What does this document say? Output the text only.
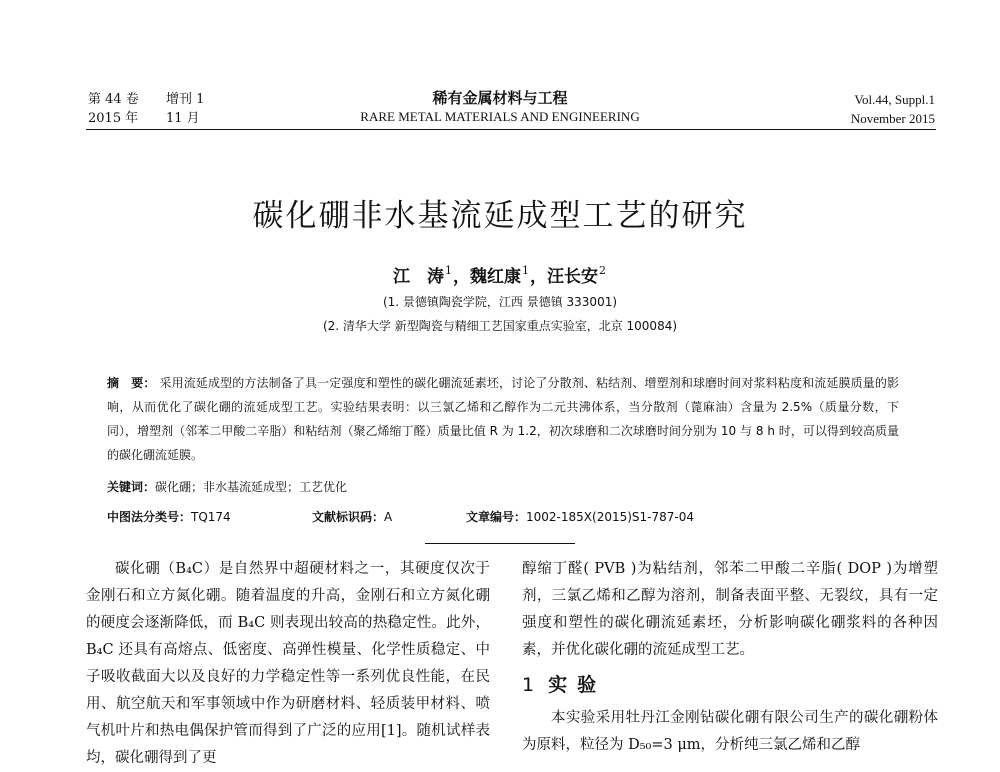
第 44 卷
2015 年
增刊 1
11 月
稀有金属材料与工程
RARE METAL MATERIALS AND ENGINEERING
Vol.44, Suppl.1
November 2015
碳化硼非水基流延成型工艺的研究
江　涛$^1$，魏红康$^1$，汪长安$^2$
(1. 景德镇陶瓷学院，江西 景德镇 333001)
(2. 清华大学 新型陶瓷与精细工艺国家重点实验室，北京 100084)
摘　要： 采用流延成型的方法制备了具一定强度和塑性的碳化硼流延素坯，讨论了分散剂、粘结剂、增塑剂和球磨时间对浆料粘度和流延膜质量的影响，从而优化了碳化硼的流延成型工艺。实验结果表明：以三氯乙烯和乙醇作为二元共沸体系，当分散剂（蓖麻油）含量为 2.5%（质量分数，下同），增塑剂（邻苯二甲酸二辛脂）和粘结剂（聚乙烯缩丁醛）质量比值 R 为 1.2，初次球磨和二次球磨时间分别为 10 与 8 h 时，可以得到较高质量的碳化硼流延膜。
关键词：碳化硼；非水基流延成型；工艺优化
中图法分类号：TQ174	文献标识码：A	文章编号：1002-185X(2015)S1-787-04

碳化硼（B₄C）是自然界中超硬材料之一，其硬度仅次于金刚石和立方氮化硼。随着温度的升高，金刚石和立方氮化硼的硬度会逐渐降低，而 B₄C 则表现出较高的热稳定性。此外，B₄C 还具有高熔点、低密度、高弹性模量、化学性质稳定、中子吸收截面大以及良好的力学稳定性等一系列优良性能，在民用、航空航天和军事领域中作为研磨材料、轻质装甲材料、喷气机叶片和热电偶保护管而得到了广泛的应用[1]。随机试样表均，碳化硼得到了更

醇缩丁醛( PVB )为粘结剂，邻苯二甲酸二辛脂( DOP )为增塑剂，三氯乙烯和乙醇为溶剂，制备表面平整、无裂纹，具有一定强度和塑性的碳化硼流延素坯，分析影响碳化硼浆料的各种因素，并优化碳化硼的流延成型工艺。

1 实验

本实验采用牡丹江金刚钻碳化硼有限公司生产的碳化硼粉体为原料，粒径为 D₅₀=3 μm，分析纯三氯乙烯和乙醇
